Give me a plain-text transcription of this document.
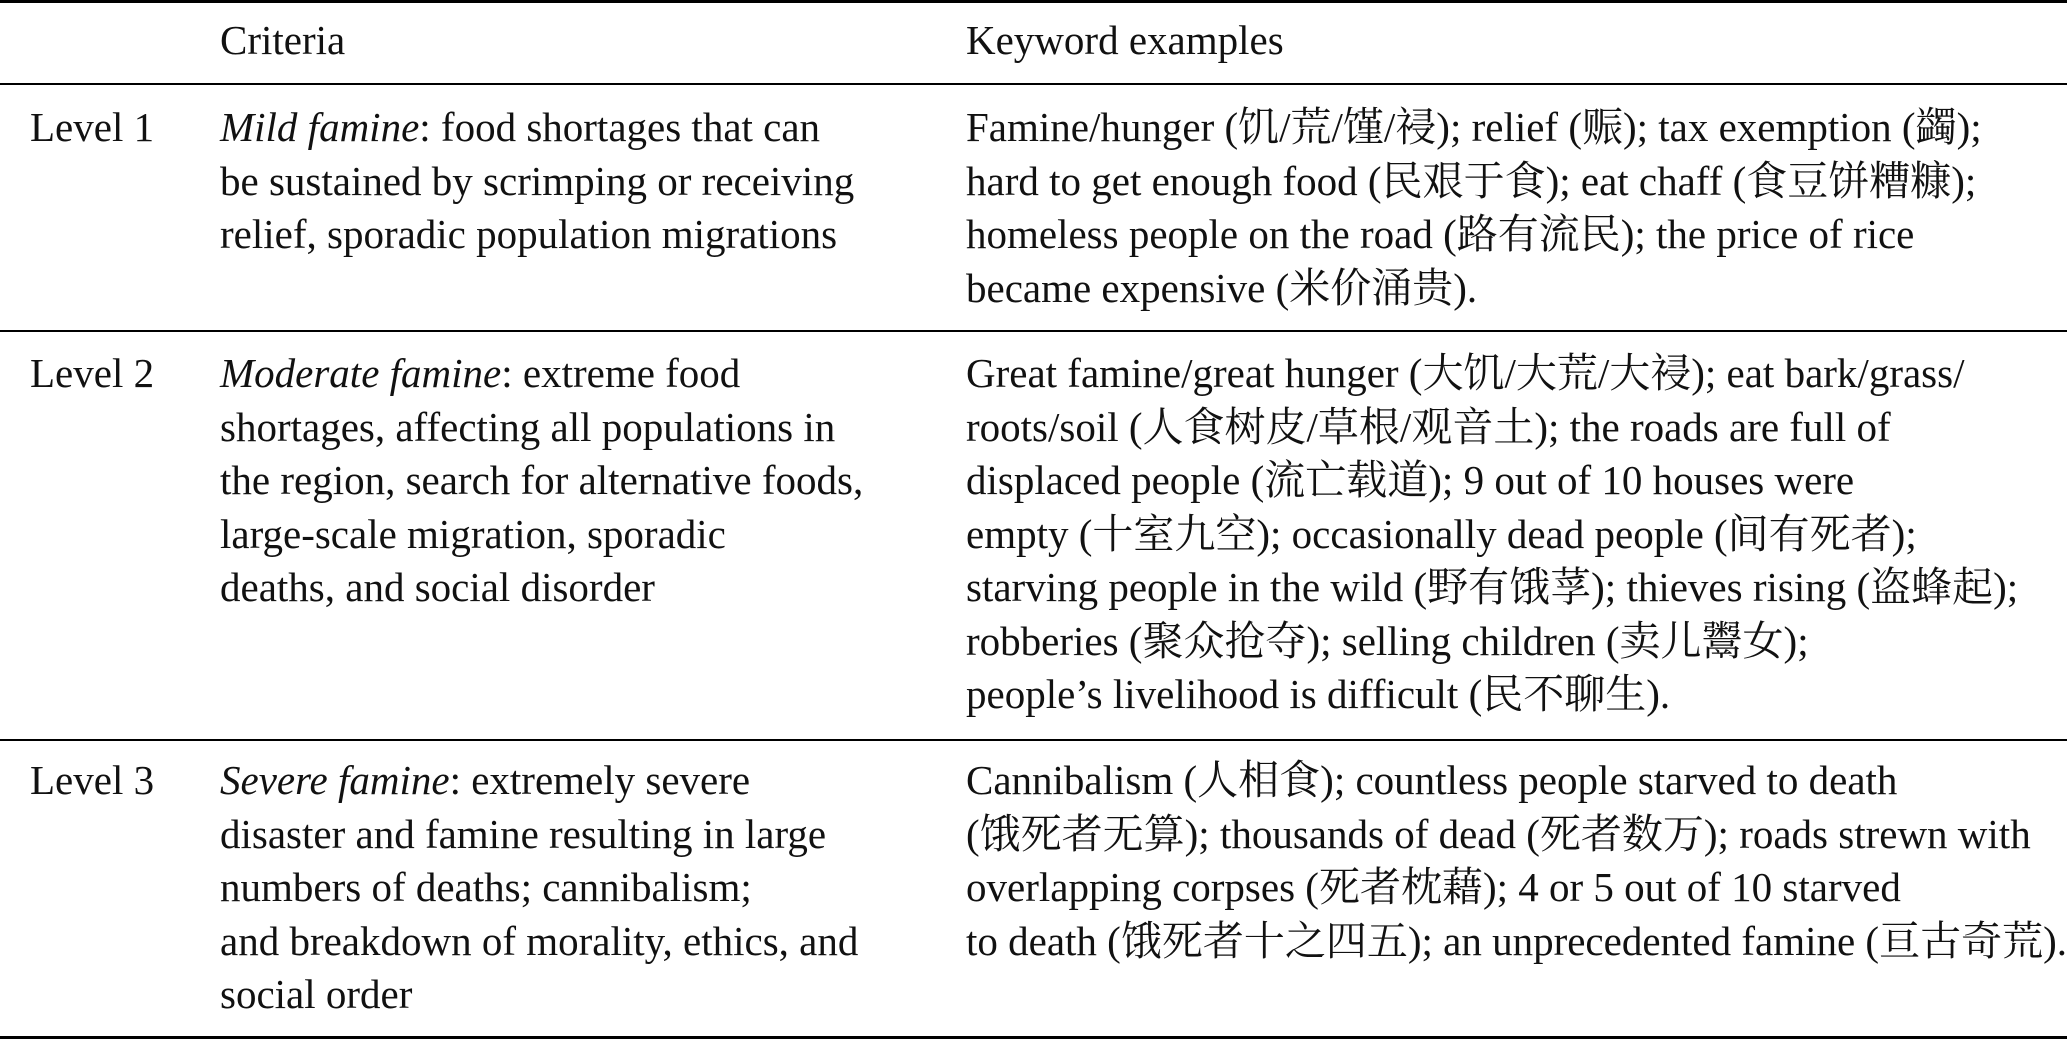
Criteria	Keyword examples
Level 1 Mild famine: food shortages that can
be sustained by scrimping or receiving
relief, sporadic population migrations
Famine/hunger (饥/荒/馑/祲); relief (赈); tax exemption (蠲);
hard to get enough food (民艰于食); eat chaff (食豆饼糟糠);
homeless people on the road (路有流民); the price of rice
became expensive (米价涌贵).
Level 2 Moderate famine: extreme food
shortages, affecting all populations in
the region, search for alternative foods,
large-scale migration, sporadic
deaths, and social disorder
Great famine/great hunger (大饥/大荒/大祲); eat bark/grass/
roots/soil (人食树皮/草根/观音土); the roads are full of
displaced people (流亡载道); 9 out of 10 houses were
empty (十室九空); occasionally dead people (间有死者);
starving people in the wild (野有饿莩); thieves rising (盗蜂起);
robberies (聚众抢夺); selling children (卖儿鬻女);
people’s livelihood is difficult (民不聊生).
Level 3 Severe famine: extremely severe
disaster and famine resulting in large
numbers of deaths; cannibalism;
and breakdown of morality, ethics, and
social order
Cannibalism (人相食); countless people starved to death
(饿死者无算); thousands of dead (死者数万); roads strewn with
overlapping corpses (死者枕藉); 4 or 5 out of 10 starved
to death (饿死者十之四五); an unprecedented famine (亘古奇荒).
